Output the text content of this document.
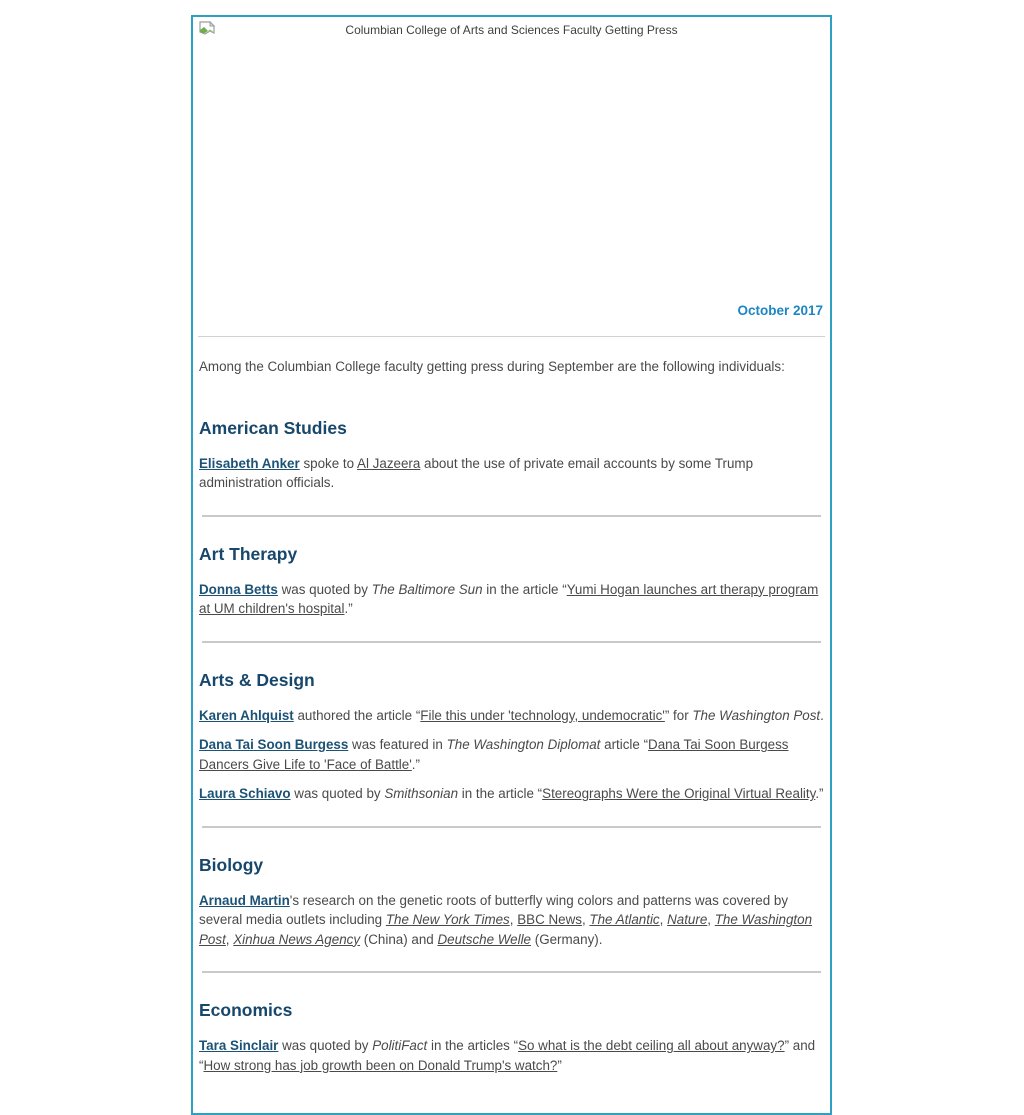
Columbian College of Arts and Sciences Faculty Getting Press
October 2017

Among the Columbian College faculty getting press during September are the following individuals:

American Studies

Elisabeth Anker spoke to Al Jazeera about the use of private email accounts by some Trump administration officials.

Art Therapy

Donna Betts was quoted by The Baltimore Sun in the article “Yumi Hogan launches art therapy program at UM children's hospital.”

Arts & Design

Karen Ahlquist authored the article “File this under 'technology, undemocratic'” for The Washington Post.

Dana Tai Soon Burgess was featured in The Washington Diplomat article “Dana Tai Soon Burgess Dancers Give Life to 'Face of Battle'.”

Laura Schiavo was quoted by Smithsonian in the article “Stereographs Were the Original Virtual Reality.”

Biology

Arnaud Martin's research on the genetic roots of butterfly wing colors and patterns was covered by several media outlets including The New York Times, BBC News, The Atlantic, Nature, The Washington Post, Xinhua News Agency (China) and Deutsche Welle (Germany).

Economics

Tara Sinclair was quoted by PolitiFact in the articles “So what is the debt ceiling all about anyway?” and “How strong has job growth been on Donald Trump's watch?”
